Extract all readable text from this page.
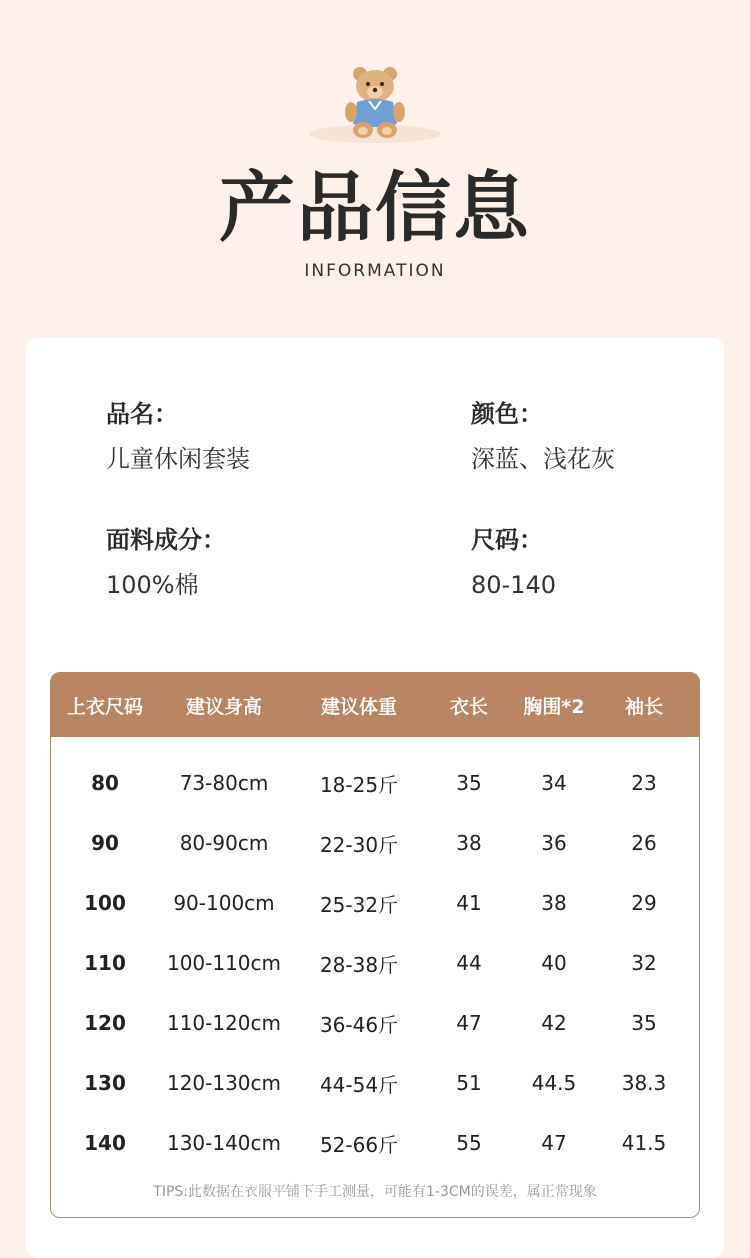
产品信息
INFORMATION
品名：
儿童休闲套装
颜色：
深蓝、浅花灰
面料成分：
100%棉
尺码：
80-140
上衣尺码	建议身高	建议体重	衣长	胸围*2	袖长
80	73-80cm	18-25斤	35	34	23
90	80-90cm	22-30斤	38	36	26
100	90-100cm	25-32斤	41	38	29
110	100-110cm	28-38斤	44	40	32
120	110-120cm	36-46斤	47	42	35
130	120-130cm	44-54斤	51	44.5	38.3
140	130-140cm	52-66斤	55	47	41.5
TIPS:此数据在衣服平铺下手工测量，可能有1-3CM的误差，属正常现象
